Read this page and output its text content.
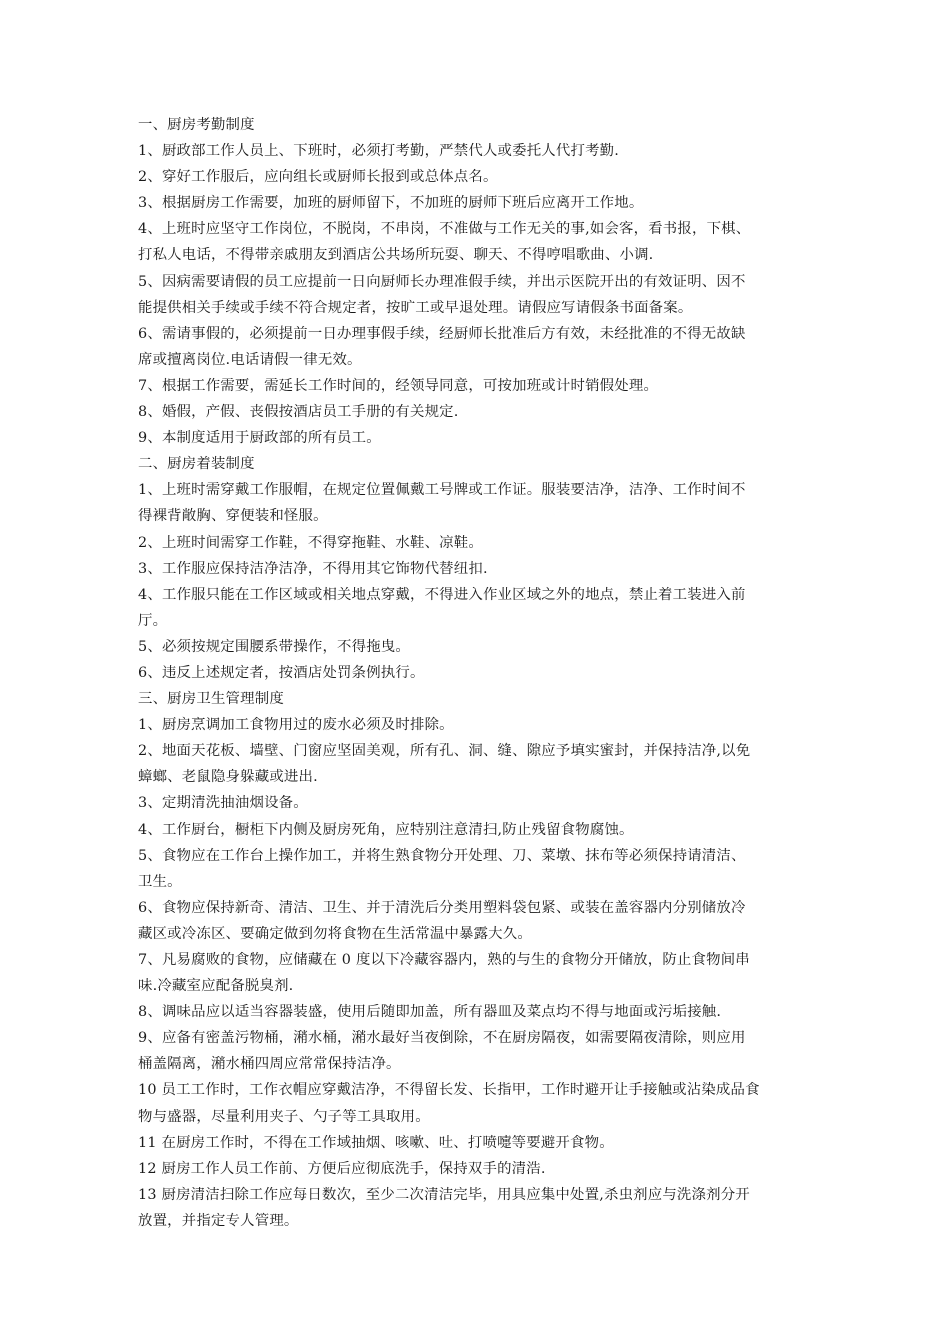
一、厨房考勤制度

1、厨政部工作人员上、下班时，必须打考勤，严禁代人或委托人代打考勤.

2、穿好工作服后，应向组长或厨师长报到或总体点名。

3、根据厨房工作需要，加班的厨师留下，不加班的厨师下班后应离开工作地。

4、上班时应坚守工作岗位，不脱岗，不串岗，不准做与工作无关的事,如会客，看书报，下棋、

打私人电话，不得带亲戚朋友到酒店公共场所玩耍、聊天、不得哼唱歌曲、小调.

5、因病需要请假的员工应提前一日向厨师长办理准假手续，并出示医院开出的有效证明、因不

能提供相关手续或手续不符合规定者，按旷工或早退处理。请假应写请假条书面备案。

6、需请事假的，必须提前一日办理事假手续，经厨师长批准后方有效，未经批准的不得无故缺

席或擅离岗位.电话请假一律无效。

7、根据工作需要，需延长工作时间的，经领导同意，可按加班或计时销假处理。

8、婚假，产假、丧假按酒店员工手册的有关规定.

9、本制度适用于厨政部的所有员工。

二、厨房着装制度

1、上班时需穿戴工作服帽，在规定位置佩戴工号牌或工作证。服装要洁净，洁净、工作时间不

得裸背敞胸、穿便装和怪服。

2、上班时间需穿工作鞋，不得穿拖鞋、水鞋、凉鞋。

3、工作服应保持洁净洁净，不得用其它饰物代替纽扣.

4、工作服只能在工作区域或相关地点穿戴，不得进入作业区域之外的地点，禁止着工装进入前

厅。

5、必须按规定围腰系带操作，不得拖曳。

6、违反上述规定者，按酒店处罚条例执行。

三、厨房卫生管理制度

1、厨房烹调加工食物用过的废水必须及时排除。

2、地面天花板、墙壁、门窗应坚固美观，所有孔、洞、缝、隙应予填实蜜封，并保持洁净,以免

蟑螂、老鼠隐身躲藏或进出.

3、定期清洗抽油烟设备。

4、工作厨台，橱柜下内侧及厨房死角，应特别注意清扫,防止残留食物腐蚀。

5、食物应在工作台上操作加工，并将生熟食物分开处理、刀、菜墩、抹布等必须保持请清洁、

卫生。

6、食物应保持新奇、清洁、卫生、并于清洗后分类用塑料袋包紧、或装在盖容器内分别储放冷

藏区或冷冻区、要确定做到勿将食物在生活常温中暴露大久。

7、凡易腐败的食物，应储藏在 0 度以下冷藏容器内，熟的与生的食物分开储放，防止食物间串

味.冷藏室应配备脱臭剂.

8、调味品应以适当容器装盛，使用后随即加盖，所有器皿及菜点均不得与地面或污垢接触.

9、应备有密盖污物桶，潲水桶，潲水最好当夜倒除，不在厨房隔夜，如需要隔夜清除，则应用

桶盖隔离，潲水桶四周应常常保持洁净。

10 员工工作时，工作衣帽应穿戴洁净，不得留长发、长指甲，工作时避开让手接触或沾染成品食

物与盛器，尽量利用夹子、勺子等工具取用。

11 在厨房工作时，不得在工作域抽烟、咳嗽、吐、打喷嚏等要避开食物。

12 厨房工作人员工作前、方便后应彻底洗手，保持双手的清浩.

13 厨房清洁扫除工作应每日数次，至少二次清洁完毕，用具应集中处置,杀虫剂应与洗涤剂分开

放置，并指定专人管理。
